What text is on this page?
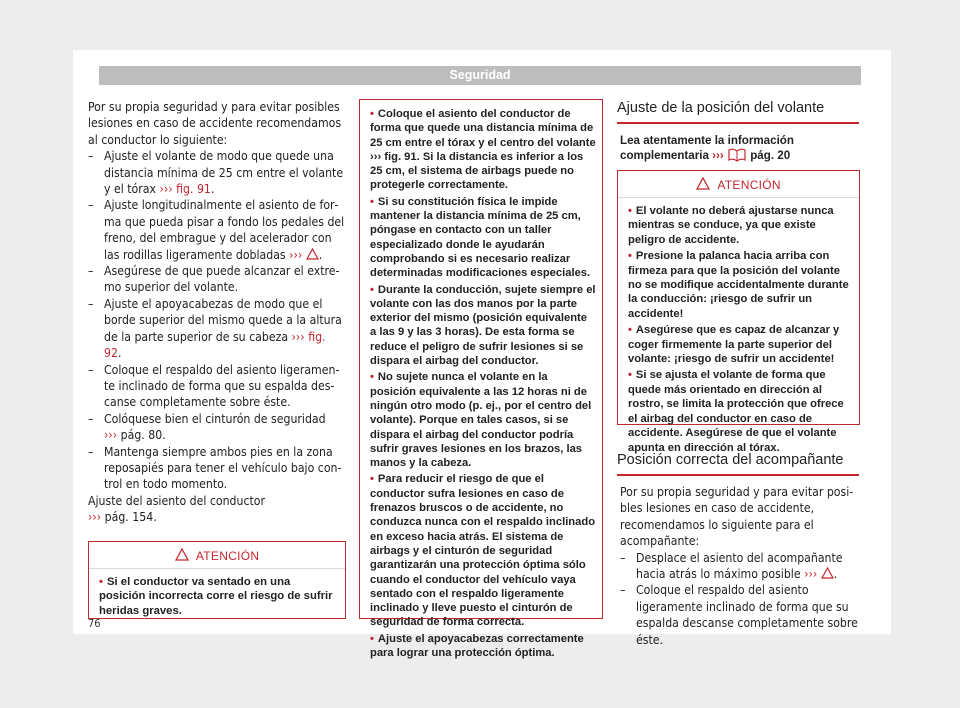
Seguridad

Por su propia seguridad y para evitar posibles lesiones en caso de accidente recomendamos al conductor lo siguiente:

– Ajuste el volante de modo que quede una distancia mínima de 25 cm entre el volante y el tórax ››› fig. 91.
– Ajuste longitudinalmente el asiento de forma que pueda pisar a fondo los pedales del freno, del embrague y del acelerador con las rodillas ligeramente dobladas ››› .
– Asegúrese de que puede alcanzar el extremo superior del volante.
– Ajuste el apoyacabezas de modo que el borde superior del mismo quede a la altura de la parte superior de su cabeza ››› fig. 92.
– Coloque el respaldo del asiento ligeramente inclinado de forma que su espalda descanse completamente sobre éste.
– Colóquese bien el cinturón de seguridad
››› pág. 80.
– Mantenga siempre ambos pies en la zona reposapiés para tener el vehículo bajo control en todo momento.

Ajuste del asiento del conductor
››› pág. 154.

ATENCIÓN
• Si el conductor va sentado en una posición incorrecta corre el riesgo de sufrir heridas graves.
• Coloque el asiento del conductor de forma que quede una distancia mínima de 25 cm entre el tórax y el centro del volante ››› fig. 91. Si la distancia es inferior a los 25 cm, el sistema de airbags puede no protegerle correctamente.
• Si su constitución física le impide mantener la distancia mínima de 25 cm, póngase en contacto con un taller especializado donde le ayudarán comprobando si es necesario realizar determinadas modificaciones especiales.
• Durante la conducción, sujete siempre el volante con las dos manos por la parte exterior del mismo (posición equivalente a las 9 y las 3 horas). De esta forma se reduce el peligro de sufrir lesiones si se dispara el airbag del conductor.
• No sujete nunca el volante en la posición equivalente a las 12 horas ni de ningún otro modo (p. ej., por el centro del volante). Porque en tales casos, si se dispara el airbag del conductor podría sufrir graves lesiones en los brazos, las manos y la cabeza.
• Para reducir el riesgo de que el conductor sufra lesiones en caso de frenazos bruscos o de accidente, no conduzca nunca con el respaldo inclinado en exceso hacia atrás. El sistema de airbags y el cinturón de seguridad garantizarán una protección óptima sólo cuando el conductor del vehículo vaya sentado con el respaldo ligeramente inclinado y lleve puesto el cinturón de seguridad de forma correcta.
• Ajuste el apoyacabezas correctamente para lograr una protección óptima.
Ajuste de la posición del volante
Lea atentamente la información complementaria ››› pág. 20
ATENCIÓN
• El volante no deberá ajustarse nunca mientras se conduce, ya que existe peligro de accidente.
• Presione la palanca hacia arriba con firmeza para que la posición del volante no se modifique accidentalmente durante la conducción: ¡riesgo de sufrir un accidente!
• Asegúrese que es capaz de alcanzar y coger firmemente la parte superior del volante: ¡riesgo de sufrir un accidente!
• Si se ajusta el volante de forma que quede más orientado en dirección al rostro, se limita la protección que ofrece el airbag del conductor en caso de accidente. Asegúrese de que el volante apunta en dirección al tórax.
Posición correcta del acompañante

Por su propia seguridad y para evitar posibles lesiones en caso de accidente, recomendamos lo siguiente para el acompañante:

– Desplace el asiento del acompañante hacia atrás lo máximo posible ››› .
– Coloque el respaldo del asiento ligeramente inclinado de forma que su espalda descanse completamente sobre éste.
76
